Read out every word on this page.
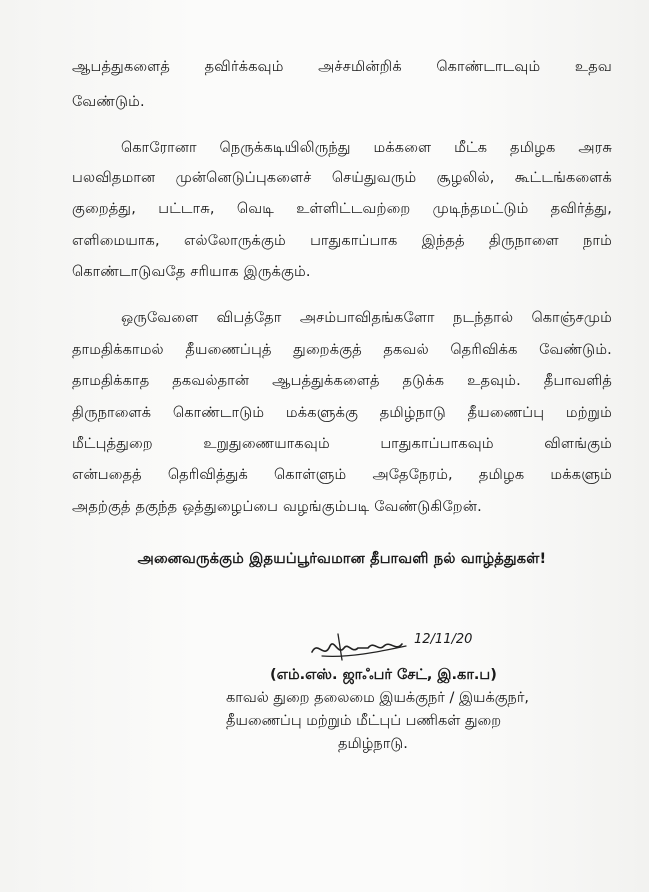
ஆபத்துகளைத் தவிர்க்கவும் அச்சமின்றிக் கொண்டாடவும் உதவ
வேண்டும்.
கொரோனா நெருக்கடியிலிருந்து மக்களை மீட்க தமிழக அரசு
பலவிதமான முன்னெடுப்புகளைச் செய்துவரும் சூழலில், கூட்டங்களைக்
குறைத்து, பட்டாசு, வெடி உள்ளிட்டவற்றை முடிந்தமட்டும் தவிர்த்து,
எளிமையாக, எல்லோருக்கும் பாதுகாப்பாக இந்தத் திருநாளை நாம்
கொண்டாடுவதே சரியாக இருக்கும்.
ஒருவேளை விபத்தோ அசம்பாவிதங்களோ நடந்தால் கொஞ்சமும்
தாமதிக்காமல் தீயணைப்புத் துறைக்குத் தகவல் தெரிவிக்க வேண்டும்.
தாமதிக்காத தகவல்தான் ஆபத்துக்களைத் தடுக்க உதவும். தீபாவளித்
திருநாளைக் கொண்டாடும் மக்களுக்கு தமிழ்நாடு தீயணைப்பு மற்றும்
மீட்புத்துறை உறுதுணையாகவும் பாதுகாப்பாகவும் விளங்கும்
என்பதைத் தெரிவித்துக் கொள்ளும் அதேநேரம், தமிழக மக்களும்
அதற்குத் தகுந்த ஒத்துழைப்பை வழங்கும்படி வேண்டுகிறேன்.
அனைவருக்கும் இதயப்பூர்வமான தீபாவளி நல் வாழ்த்துகள்!
12/11/20
(எம்.எஸ். ஜாஃபர் சேட், இ.கா.ப)
காவல் துறை தலைமை இயக்குநர் / இயக்குநர்,
தீயணைப்பு மற்றும் மீட்புப் பணிகள் துறை
தமிழ்நாடு.
